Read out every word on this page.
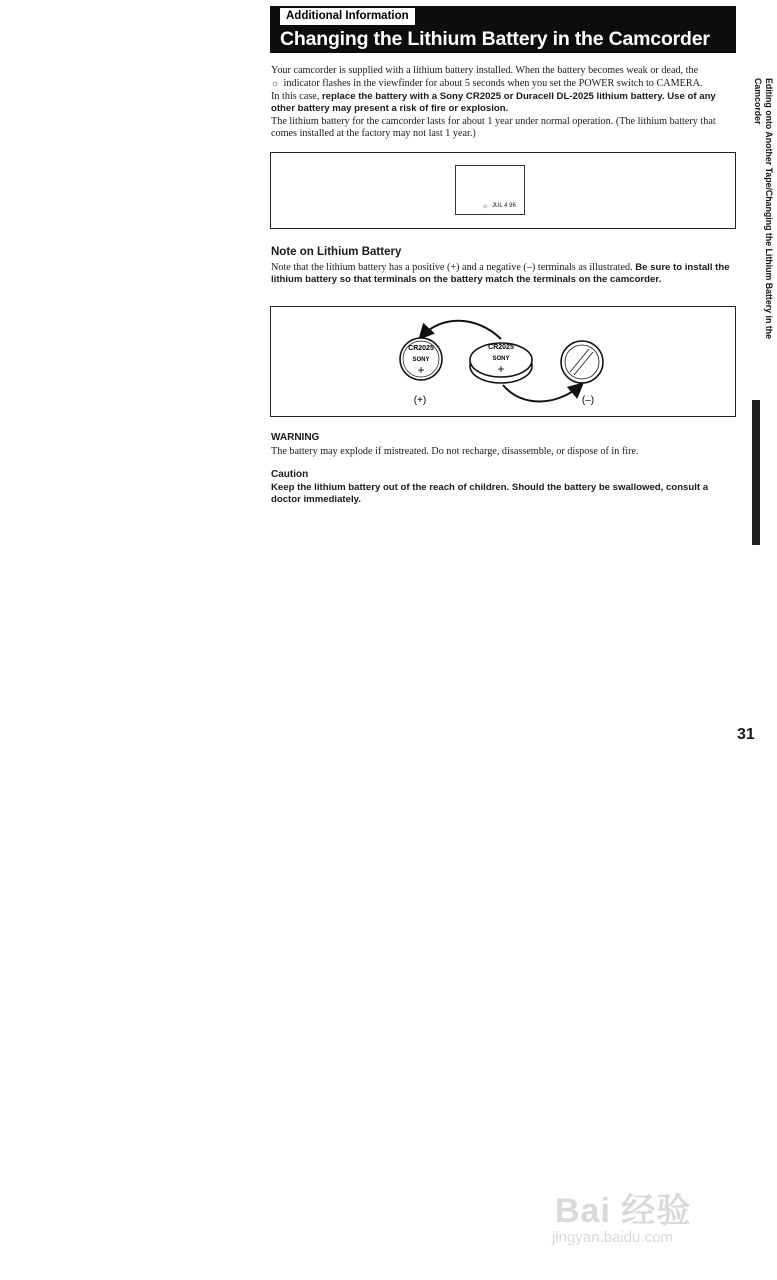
Additional Information
Changing the Lithium Battery in the Camcorder

Your camcorder is supplied with a lithium battery installed. When the battery becomes weak or dead, the
☼ indicator flashes in the viewfinder for about 5 seconds when you set the POWER switch to CAMERA.
In this case, replace the battery with a Sony CR2025 or Duracell DL-2025 lithium battery. Use of any other battery may present a risk of fire or explosion.
The lithium battery for the camcorder lasts for about 1 year under normal operation. (The lithium battery that comes installed at the factory may not last 1 year.)

☼ JUL 4 96
Note on Lithium Battery

Note that the lithium battery has a positive (+) and a negative (–) terminals as illustrated. Be sure to install the lithium battery so that terminals on the battery match the terminals on the camcorder.

CR2025
SONY
+
CR2025
SONY
+
(+)	(–)
WARNING

The battery may explode if mistreated. Do not recharge, disassemble, or dispose of in fire.

Caution

Keep the lithium battery out of the reach of children. Should the battery be swallowed, consult a doctor immediately.

Editing onto Another Tape/Changing the Lithium Battery in the Camcorder
31
Bai 经验
jingyan.baidu.com
